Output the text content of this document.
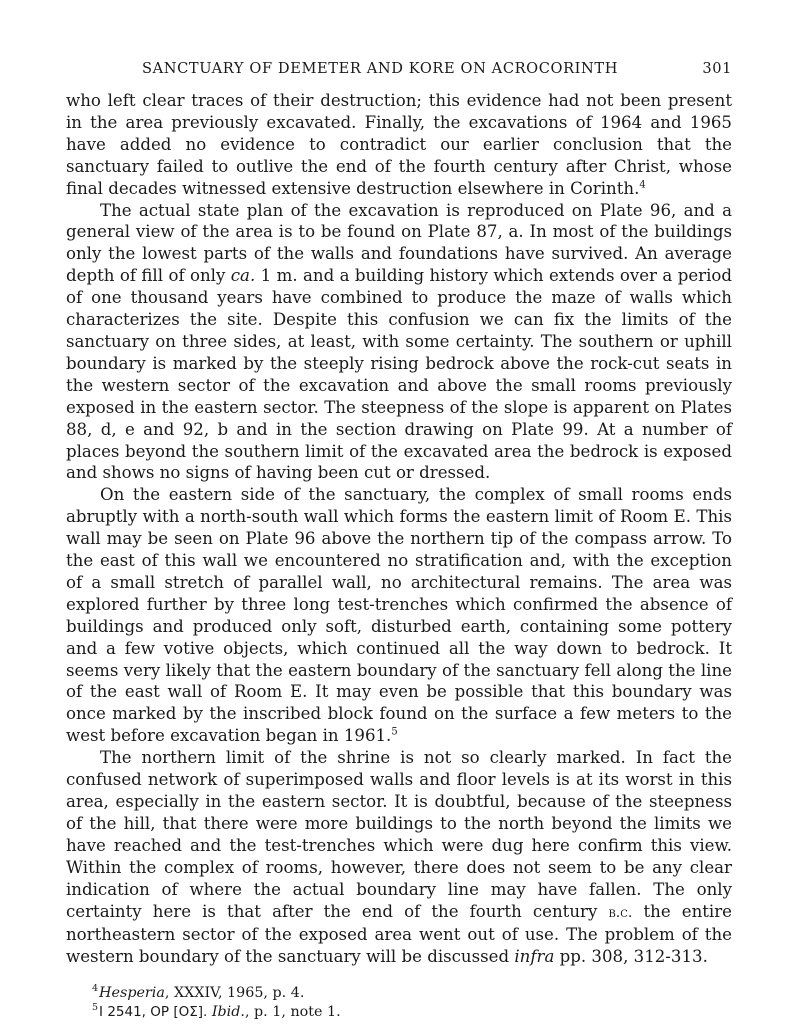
SANCTUARY OF DEMETER AND KORE ON ACROCORINTH	301

who left clear traces of their destruction; this evidence had not been present in the area previously excavated. Finally, the excavations of 1964 and 1965 have added no evidence to contradict our earlier conclusion that the sanctuary failed to outlive the end of the fourth century after Christ, whose final decades witnessed extensive destruction elsewhere in Corinth.$^4$

The actual state plan of the excavation is reproduced on Plate 96, and a general view of the area is to be found on Plate 87, a. In most of the buildings only the lowest parts of the walls and foundations have survived. An average depth of fill of only ca. 1 m. and a building history which extends over a period of one thousand years have combined to produce the maze of walls which characterizes the site. Despite this confusion we can fix the limits of the sanctuary on three sides, at least, with some certainty. The southern or uphill boundary is marked by the steeply rising bedrock above the rock-cut seats in the western sector of the excavation and above the small rooms previously exposed in the eastern sector. The steepness of the slope is apparent on Plates 88, d, e and 92, b and in the section drawing on Plate 99. At a number of places beyond the southern limit of the excavated area the bedrock is exposed and shows no signs of having been cut or dressed.

On the eastern side of the sanctuary, the complex of small rooms ends abruptly with a north-south wall which forms the eastern limit of Room E. This wall may be seen on Plate 96 above the northern tip of the compass arrow. To the east of this wall we encountered no stratification and, with the exception of a small stretch of parallel wall, no architectural remains. The area was explored further by three long test-trenches which confirmed the absence of buildings and produced only soft, disturbed earth, containing some pottery and a few votive objects, which continued all the way down to bedrock. It seems very likely that the eastern boundary of the sanctuary fell along the line of the east wall of Room E. It may even be possible that this boundary was once marked by the inscribed block found on the surface a few meters to the west before excavation began in 1961.$^5$

The northern limit of the shrine is not so clearly marked. In fact the confused network of superimposed walls and floor levels is at its worst in this area, especially in the eastern sector. It is doubtful, because of the steepness of the hill, that there were more buildings to the north beyond the limits we have reached and the test-trenches which were dug here confirm this view. Within the complex of rooms, however, there does not seem to be any clear indication of where the actual boundary line may have fallen. The only certainty here is that after the end of the fourth century b.c. the entire northeastern sector of the exposed area went out of use. The problem of the western boundary of the sanctuary will be discussed infra pp. 308, 312-313.

$^4$Hesperia, XXXIV, 1965, p. 4.

$^5$I 2541, ΟΡ [ΟΣ]. Ibid., p. 1, note 1.
